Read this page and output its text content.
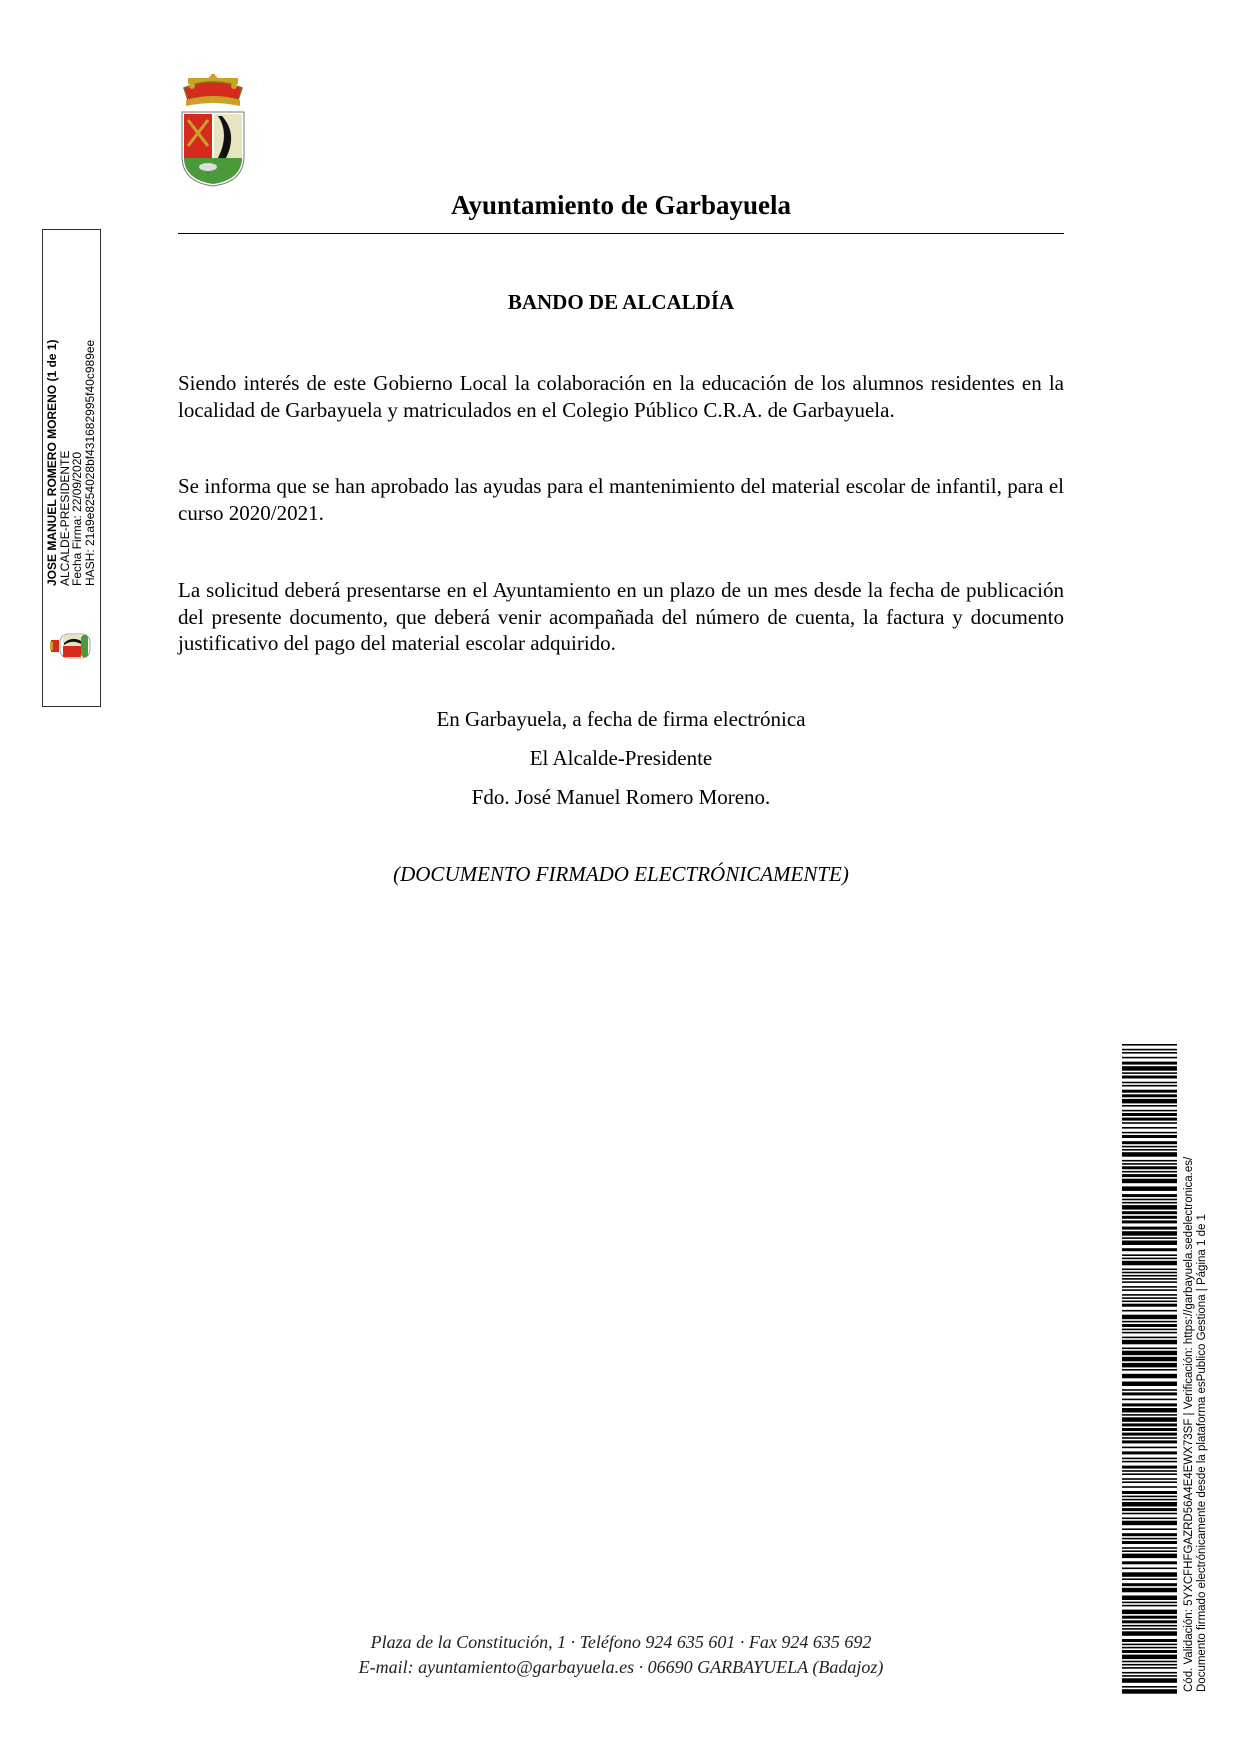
Ayuntamiento de Garbayuela
BANDO DE ALCALDÍA
Siendo interés de este Gobierno Local la colaboración en la educación de los alumnos residentes en la localidad de Garbayuela y matriculados en el Colegio Público C.R.A. de Garbayuela.
Se informa que se han aprobado las ayudas para el mantenimiento del material escolar de infantil, para el curso 2020/2021.
La solicitud deberá presentarse en el Ayuntamiento en un plazo de un mes desde la fecha de publicación del presente documento, que deberá venir acompañada del número de cuenta, la factura y documento justificativo del pago del material escolar adquirido.
En Garbayuela, a fecha de firma electrónica
El Alcalde-Presidente
Fdo. José Manuel Romero Moreno.
(DOCUMENTO FIRMADO ELECTRÓNICAMENTE)
JOSE MANUEL ROMERO MORENO (1 de 1)
ALCALDE-PRESIDENTE
Fecha Firma: 22/09/2020
HASH: 21a9e8254028bf431682995f40c989ee
Cód. Validación: 5YXCFHFGAZRD56A4E4EWX73SF | Verificación: https://garbayuela.sedelectronica.es/ Documento firmado electrónicamente desde la plataforma esPublico Gestiona | Página 1 de 1
Plaza de la Constitución, 1 · Teléfono 924 635 601 · Fax 924 635 692
E-mail: ayuntamiento@garbayuela.es · 06690 GARBAYUELA (Badajoz)
